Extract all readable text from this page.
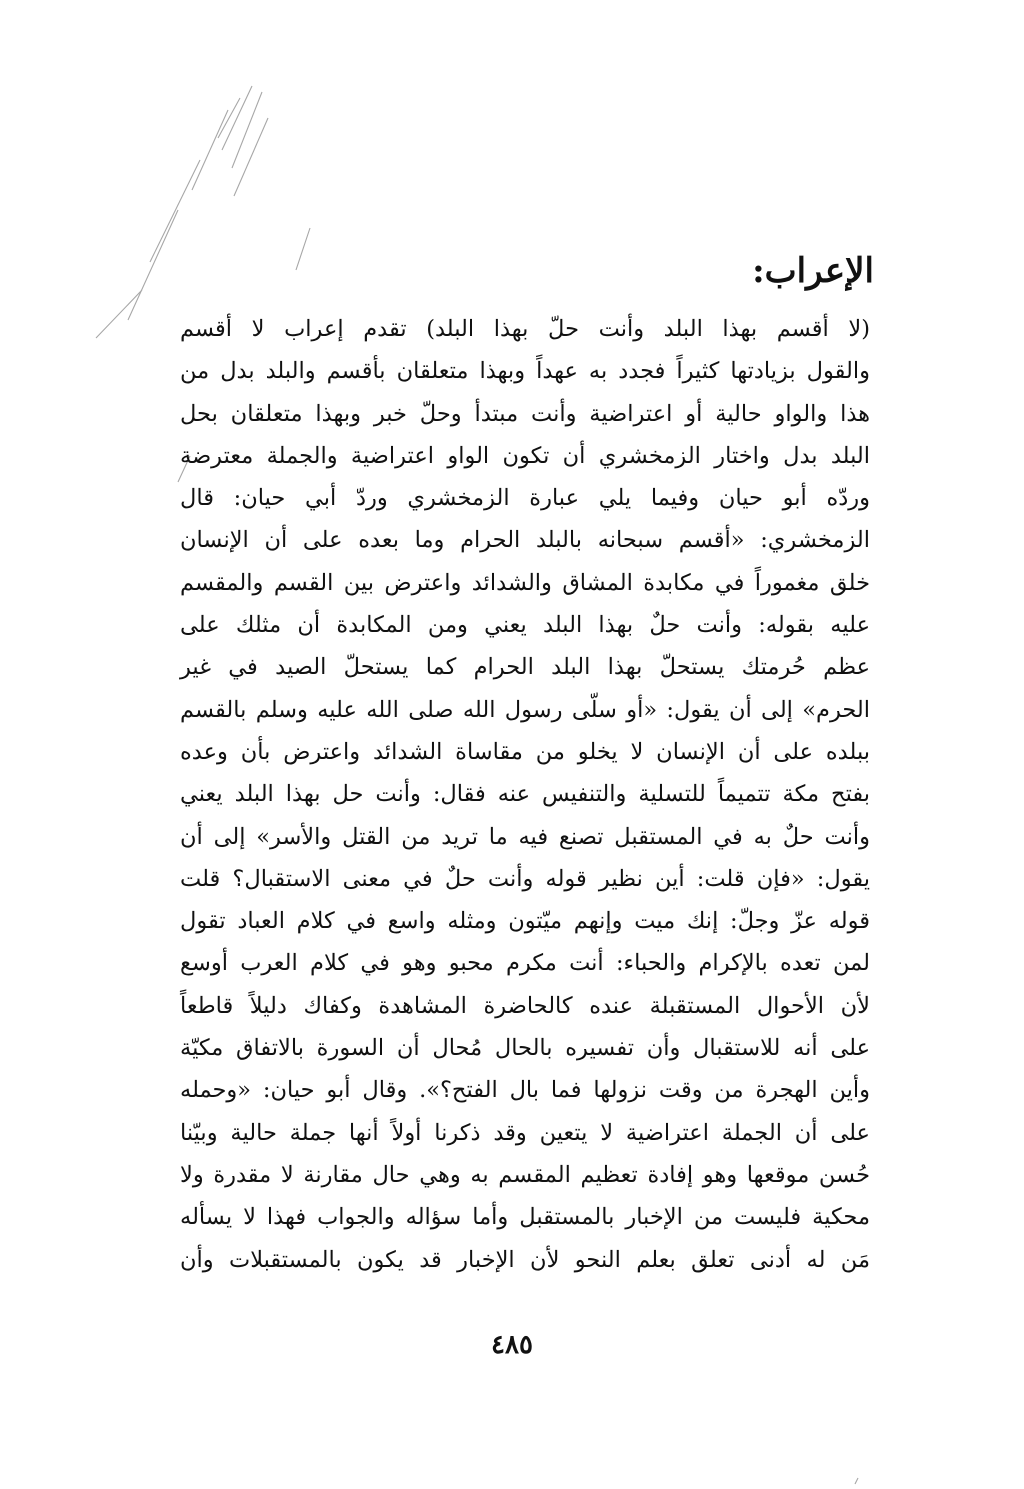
الإعراب:
(لا أقسم بهذا البلد وأنت حلّ بهذا البلد) تقدم إعراب لا أقسم
والقول بزيادتها كثيراً فجدد به عهداً وبهذا متعلقان بأقسم والبلد بدل من
هذا والواو حالية أو اعتراضية وأنت مبتدأ وحلّ خبر وبهذا متعلقان بحل
البلد بدل واختار الزمخشري أن تكون الواو اعتراضية والجملة معترضة
وردّه أبو حيان وفيما يلي عبارة الزمخشري وردّ أبي حيان: قال
الزمخشري: «أقسم سبحانه بالبلد الحرام وما بعده على أن الإنسان
خلق مغموراً في مكابدة المشاق والشدائد واعترض بين القسم والمقسم
عليه بقوله: وأنت حلٌ بهذا البلد يعني ومن المكابدة أن مثلك على
عظم حُرمتك يستحلّ بهذا البلد الحرام كما يستحلّ الصيد في غير
الحرم» إلى أن يقول: «أو سلّى رسول الله صلى الله عليه وسلم بالقسم
ببلده على أن الإنسان لا يخلو من مقاساة الشدائد واعترض بأن وعده
بفتح مكة تتميماً للتسلية والتنفيس عنه فقال: وأنت حل بهذا البلد يعني
وأنت حلٌ به في المستقبل تصنع فيه ما تريد من القتل والأسر» إلى أن
يقول: «فإن قلت: أين نظير قوله وأنت حلٌ في معنى الاستقبال؟ قلت
قوله عزّ وجلّ: إنك ميت وإنهم ميّتون ومثله واسع في كلام العباد تقول
لمن تعده بالإكرام والحباء: أنت مكرم محبو وهو في كلام العرب أوسع
لأن الأحوال المستقبلة عنده كالحاضرة المشاهدة وكفاك دليلاً قاطعاً
على أنه للاستقبال وأن تفسيره بالحال مُحال أن السورة بالاتفاق مكيّة
وأين الهجرة من وقت نزولها فما بال الفتح؟». وقال أبو حيان: «وحمله
على أن الجملة اعتراضية لا يتعين وقد ذكرنا أولاً أنها جملة حالية وبيّنا
حُسن موقعها وهو إفادة تعظيم المقسم به وهي حال مقارنة لا مقدرة ولا
محكية فليست من الإخبار بالمستقبل وأما سؤاله والجواب فهذا لا يسأله
مَن له أدنى تعلق بعلم النحو لأن الإخبار قد يكون بالمستقبلات وأن
٤٨٥
